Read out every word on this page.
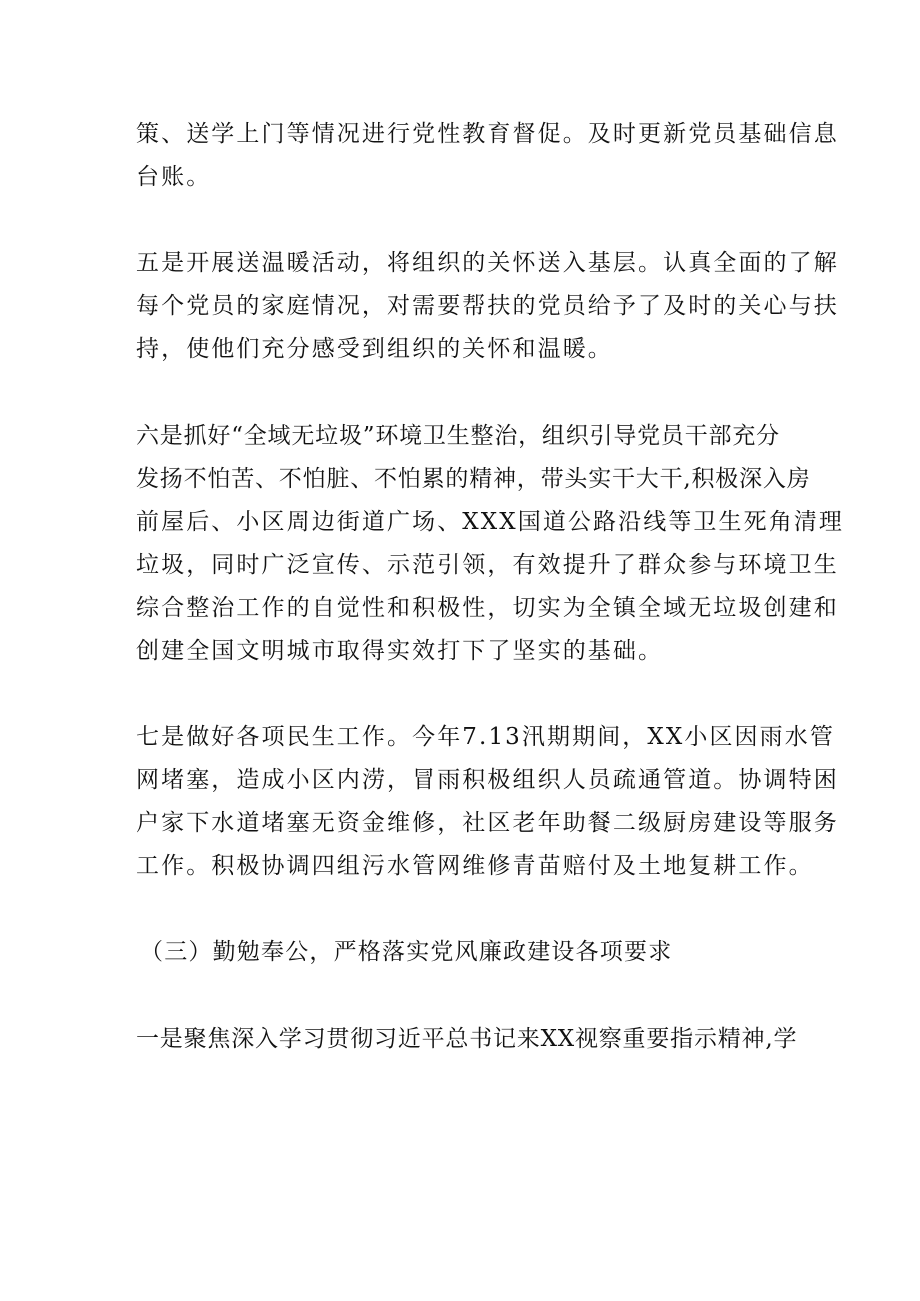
策、送学上门等情况进行党性教育督促。及时更新党员基础信息
台账。
五是开展送温暖活动，将组织的关怀送入基层。认真全面的了解
每个党员的家庭情况，对需要帮扶的党员给予了及时的关心与扶
持，使他们充分感受到组织的关怀和温暖。
六是抓好“全域无垃圾”环境卫生整治，组织引导党员干部充分
发扬不怕苦、不怕脏、不怕累的精神，带头实干大干,积极深入房
前屋后、小区周边街道广场、XXX国道公路沿线等卫生死角清理
垃圾，同时广泛宣传、示范引领，有效提升了群众参与环境卫生
综合整治工作的自觉性和积极性，切实为全镇全域无垃圾创建和
创建全国文明城市取得实效打下了坚实的基础。
七是做好各项民生工作。今年7.13汛期期间，XX小区因雨水管
网堵塞，造成小区内涝，冒雨积极组织人员疏通管道。协调特困
户家下水道堵塞无资金维修，社区老年助餐二级厨房建设等服务
工作。积极协调四组污水管网维修青苗赔付及土地复耕工作。
（三）勤勉奉公，严格落实党风廉政建设各项要求
一是聚焦深入学习贯彻习近平总书记来XX视察重要指示精神,学
